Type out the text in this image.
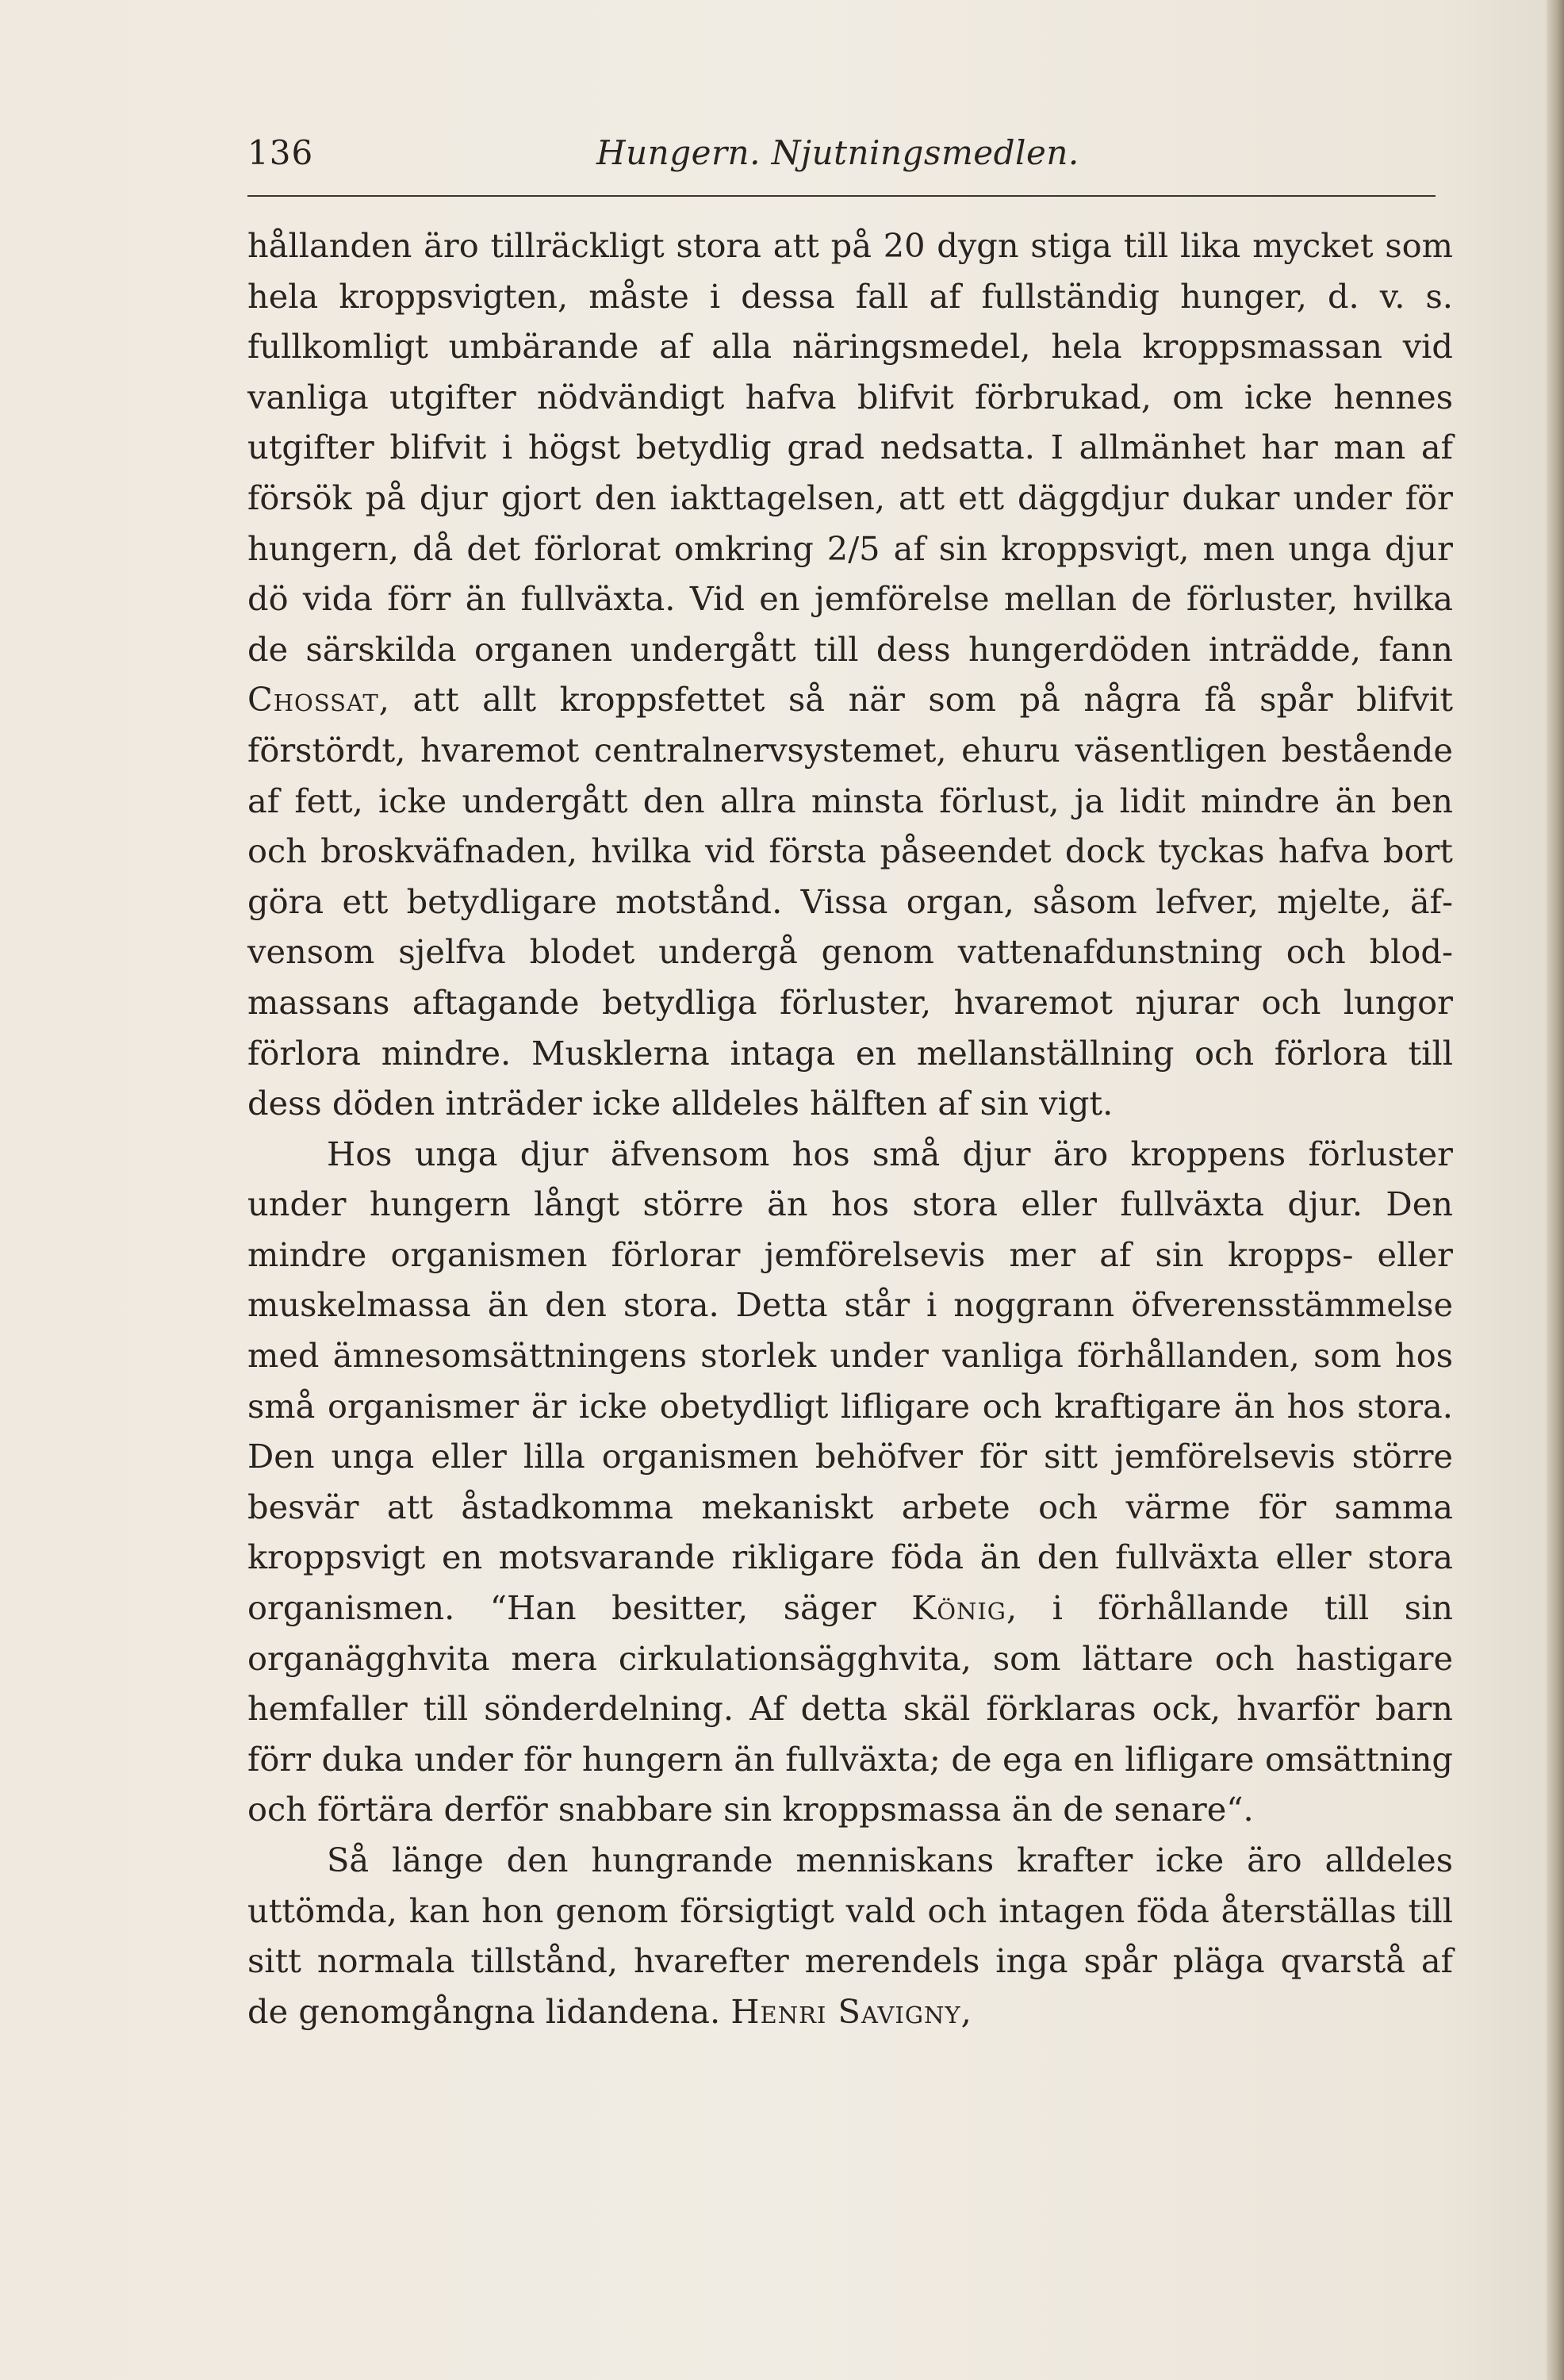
136	Hungern. Njutningsmedlen.

hållanden äro tillräckligt stora att på 20 dygn stiga till lika mycket som hela kroppsvigten, måste i dessa fall af fullständig hunger, d. v. s. fullkomligt umbärande af alla näringsmedel, hela kroppsmassan vid vanliga utgifter nödvändigt hafva blifvit förbrukad, om icke hennes utgifter blifvit i högst betydlig grad nedsatta. I allmänhet har man af försök på djur gjort den iakttagelsen, att ett däggdjur dukar under för hungern, då det förlorat omkring 2/5 af sin kroppsvigt, men unga djur dö vida förr än fullväxta. Vid en jemförelse mellan de förluster, hvilka de särskilda organen undergått till dess hungerdöden inträdde, fann Chossat, att allt kroppsfettet så när som på några få spår blifvit förstördt, hvaremot centralnervsystemet, ehuru väsentligen bestående af fett, icke undergått den allra minsta förlust, ja lidit mindre än ben och broskväfnaden, hvilka vid första påseendet dock tyckas hafva bort göra ett betydligare motstånd. Vissa organ, såsom lefver, mjelte, äfvensom sjelfva blodet undergå genom vattenafdunstning och blodmassans aftagande betydliga förluster, hvaremot njurar och lungor förlora mindre. Musklerna intaga en mellanställning och förlora till dess döden inträder icke alldeles hälften af sin vigt.

Hos unga djur äfvensom hos små djur äro kroppens förluster under hungern långt större än hos stora eller fullväxta djur. Den mindre organismen förlorar jemförelsevis mer af sin kropps- eller muskelmassa än den stora. Detta står i noggrann öfverensstämmelse med ämnesomsättningens storlek under vanliga förhållanden, som hos små organismer är icke obetydligt lifligare och kraftigare än hos stora. Den unga eller lilla organismen behöfver för sitt jemförelsevis större besvär att åstadkomma mekaniskt arbete och värme för samma kroppsvigt en motsvarande rikligare föda än den fullväxta eller stora organismen. “Han besitter, säger König, i förhållande till sin organägghvita mera cirkulationsägghvita, som lättare och hastigare hemfaller till sönderdelning. Af detta skäl förklaras ock, hvarför barn förr duka under för hungern än fullväxta; de ega en lifligare omsättning och förtära derför snabbare sin kroppsmassa än de senare“.

Så länge den hungrande menniskans krafter icke äro alldeles uttömda, kan hon genom försigtigt vald och intagen föda återställas till sitt normala tillstånd, hvarefter merendels inga spår pläga qvarstå af de genomgångna lidandena. Henri Savigny,
